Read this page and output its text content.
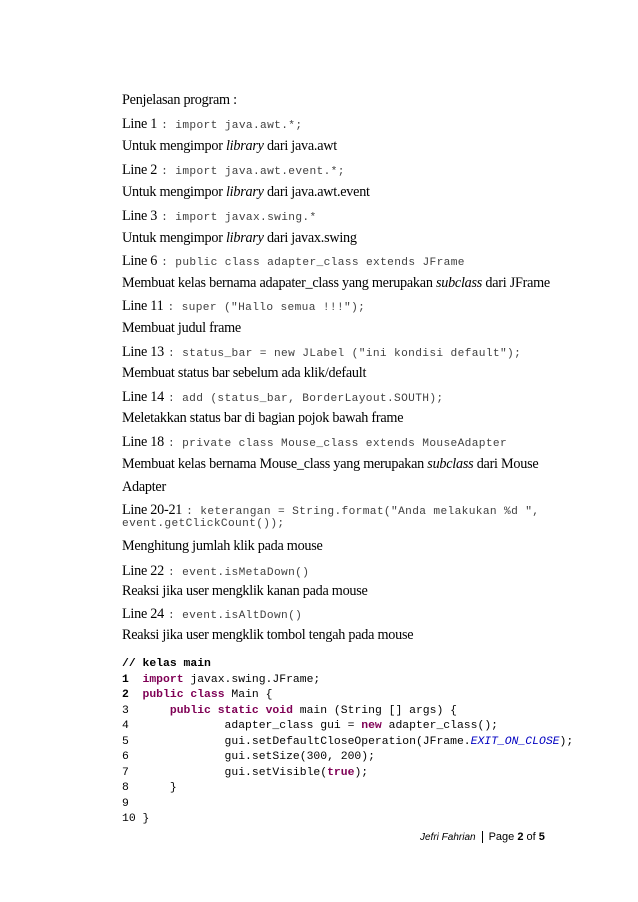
Penjelasan program :
Line 1 : import java.awt.*;
Untuk mengimpor library dari java.awt
Line 2 : import java.awt.event.*;
Untuk mengimpor library dari java.awt.event
Line 3 : import javax.swing.*
Untuk mengimpor library dari javax.swing
Line 6 : public class adapter_class extends JFrame
Membuat kelas bernama adapater_class yang merupakan subclass dari JFrame
Line 11 : super ("Hallo semua !!!");
Membuat judul frame
Line 13 : status_bar = new JLabel ("ini kondisi default");
Membuat status bar sebelum ada klik/default
Line 14 : add (status_bar, BorderLayout.SOUTH);
Meletakkan status bar di bagian pojok bawah frame
Line 18 : private class Mouse_class extends MouseAdapter
Membuat kelas bernama Mouse_class yang merupakan subclass dari Mouse
Adapter
Line 20-21 : keterangan = String.format("Anda melakukan %d ",
event.getClickCount());
Menghitung jumlah klik pada mouse
Line 22 : event.isMetaDown()
Reaksi jika user mengklik kanan pada mouse
Line 24 : event.isAltDown()
Reaksi jika user mengklik tombol tengah pada mouse
// kelas main
1 import javax.swing.JFrame;
2 public class Main {
3	public static void main (String [] args) {
4	adapter_class gui = new adapter_class();
5	gui.setDefaultCloseOperation(JFrame.EXIT_ON_CLOSE);
6	gui.setSize(300, 200);
7	gui.setVisible(true);
8	}
9
10 }
Jefri Fahrian Page 2 of 5
